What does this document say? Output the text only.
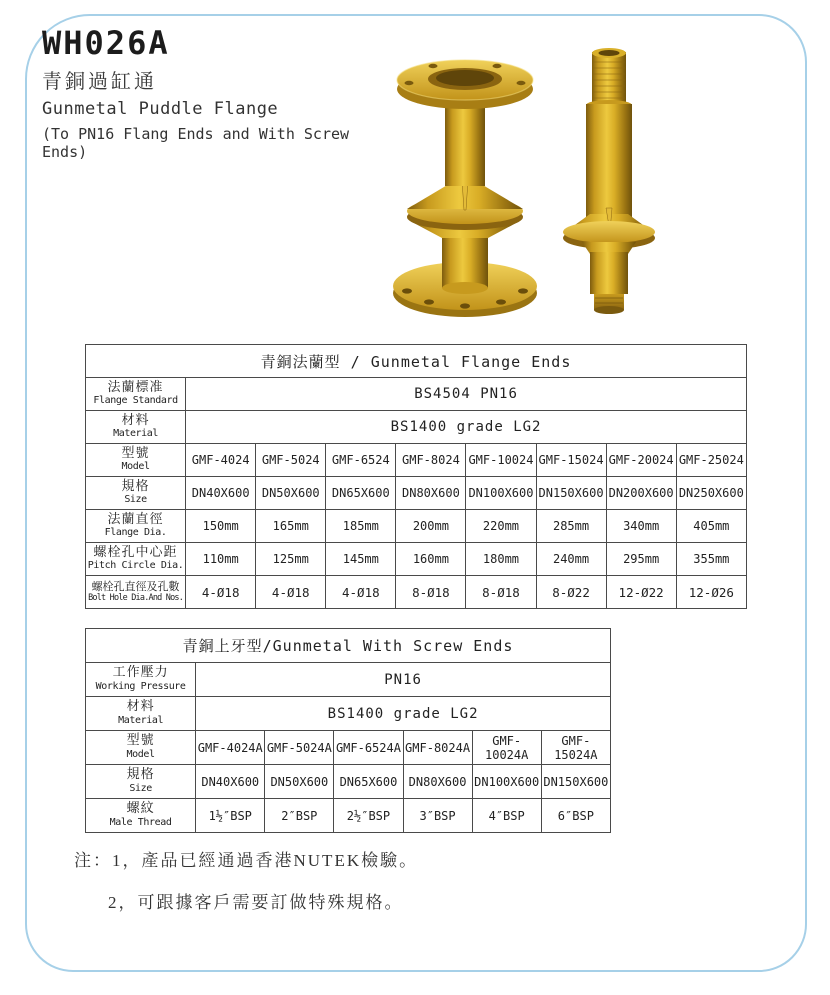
WH026A
青銅過缸通
Gunmetal Puddle Flange
(To PN16 Flang Ends and With Screw Ends)
青銅法蘭型 / Gunmetal Flange Ends								

法蘭標准
Flange Standard	BS4504 PN16							

材料
Material	BS1400 grade LG2							

型號
Model	GMF-4024	GMF-5024	GMF-6524	GMF-8024	GMF-10024	GMF-15024	GMF-20024	GMF-25024

規格
Size	DN40X600	DN50X600	DN65X600	DN80X600	DN100X600	DN150X600	DN200X600	DN250X600

法蘭直徑
Flange Dia.	150mm	165mm	185mm	200mm	220mm	285mm	340mm	405mm

螺栓孔中心距
Pitch Circle Dia.	110mm	125mm	145mm	160mm	180mm	240mm	295mm	355mm

螺栓孔直徑及孔數
Bolt Hole Dia.And Nos.	4-Ø18	4-Ø18	4-Ø18	8-Ø18	8-Ø18	8-Ø22	12-Ø22	12-Ø26
青銅上牙型/Gunmetal With Screw Ends						

工作壓力
Working Pressure	PN16					

材料
Material	BS1400 grade LG2					

型號
Model	GMF-4024A	GMF-5024A	GMF-6524A	GMF-8024A	GMF-10024A	GMF-15024A

規格
Size	DN40X600	DN50X600	DN65X600	DN80X600	DN100X600	DN150X600

螺紋
Male Thread	1½″BSP	2″BSP	2½″BSP	3″BSP	4″BSP	6″BSP

注：1，產品已經通過香港NUTEK檢驗。

2，可跟據客戶需要訂做特殊規格。
